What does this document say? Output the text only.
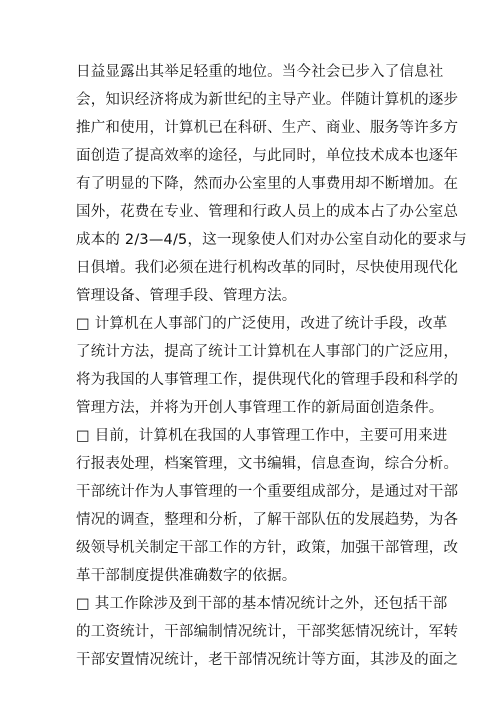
日益显露出其举足轻重的地位。当今社会已步入了信息社
会，知识经济将成为新世纪的主导产业。伴随计算机的逐步
推广和使用，计算机已在科研、生产、商业、服务等许多方
面创造了提高效率的途径，与此同时，单位技术成本也逐年
有了明显的下降，然而办公室里的人事费用却不断增加。在
国外，花费在专业、管理和行政人员上的成本占了办公室总
成本的 2/3—4/5，这一现象使人们对办公室自动化的要求与
日俱增。我们必须在进行机构改革的同时，尽快使用现代化
管理设备、管理手段、管理方法。
□ 计算机在人事部门的广泛使用，改进了统计手段，改革
了统计方法，提高了统计工计算机在人事部门的广泛应用，
将为我国的人事管理工作，提供现代化的管理手段和科学的
管理方法，并将为开创人事管理工作的新局面创造条件。
□ 目前，计算机在我国的人事管理工作中，主要可用来进
行报表处理，档案管理，文书编辑，信息查询，综合分析。
干部统计作为人事管理的一个重要组成部分，是通过对干部
情况的调查，整理和分析，了解干部队伍的发展趋势，为各
级领导机关制定干部工作的方针，政策，加强干部管理，改
革干部制度提供准确数字的依据。
□ 其工作除涉及到干部的基本情况统计之外，还包括干部
的工资统计，干部编制情况统计，干部奖惩情况统计，军转
干部安置情况统计，老干部情况统计等方面，其涉及的面之
